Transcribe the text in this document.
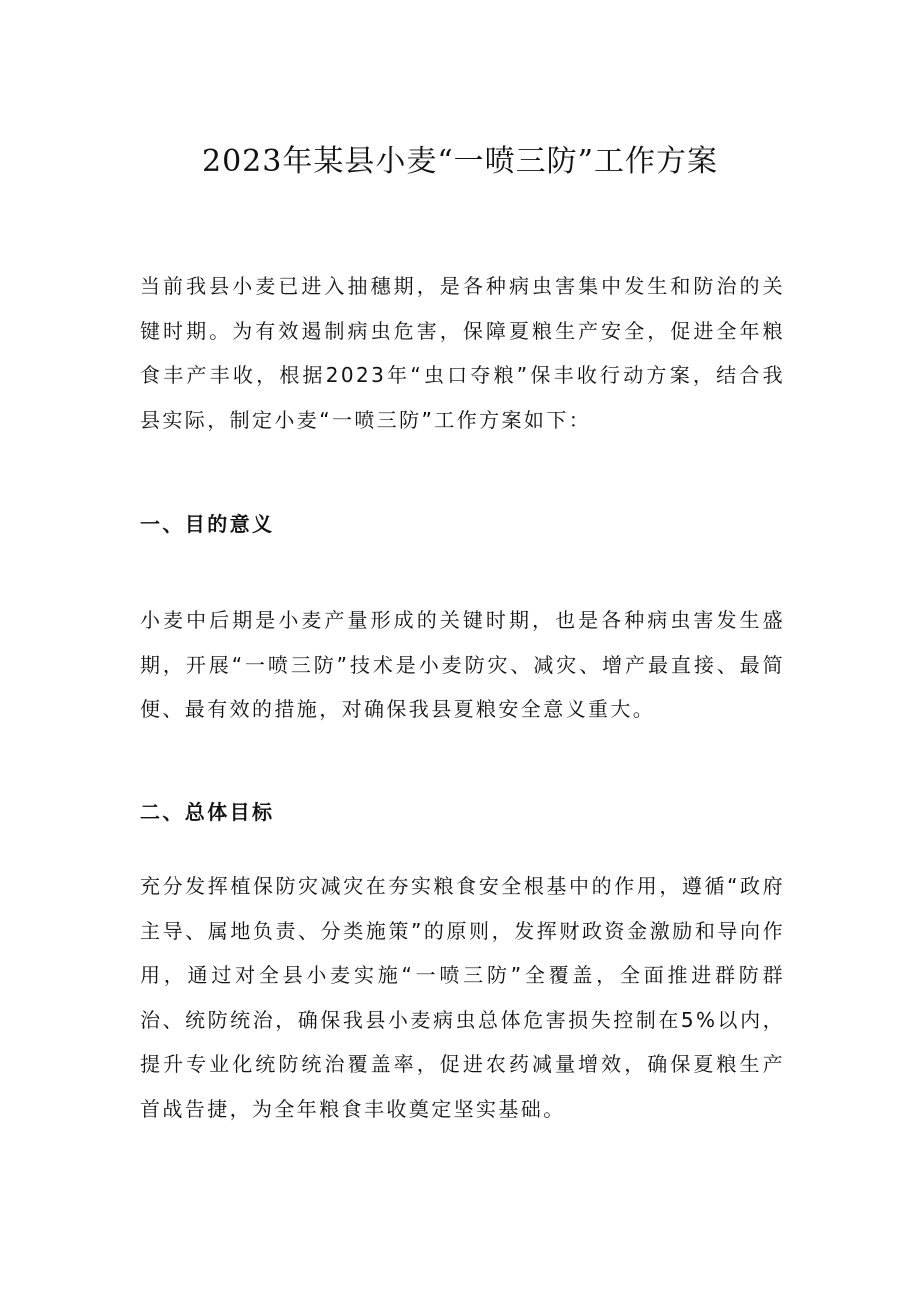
2023年某县小麦“一喷三防”工作方案

当前我县小麦已进入抽穗期，是各种病虫害集中发生和防治的关键时期。为有效遏制病虫危害，保障夏粮生产安全，促进全年粮食丰产丰收，根据2023年“虫口夺粮”保丰收行动方案，结合我县实际，制定小麦“一喷三防”工作方案如下：

一、目的意义

小麦中后期是小麦产量形成的关键时期，也是各种病虫害发生盛期，开展“一喷三防”技术是小麦防灾、减灾、增产最直接、最简便、最有效的措施，对确保我县夏粮安全意义重大。

二、总体目标

充分发挥植保防灾减灾在夯实粮食安全根基中的作用，遵循“政府主导、属地负责、分类施策”的原则，发挥财政资金激励和导向作用，通过对全县小麦实施“一喷三防”全覆盖，全面推进群防群治、统防统治，确保我县小麦病虫总体危害损失控制在5%以内，提升专业化统防统治覆盖率，促进农药减量增效，确保夏粮生产首战告捷，为全年粮食丰收奠定坚实基础。
